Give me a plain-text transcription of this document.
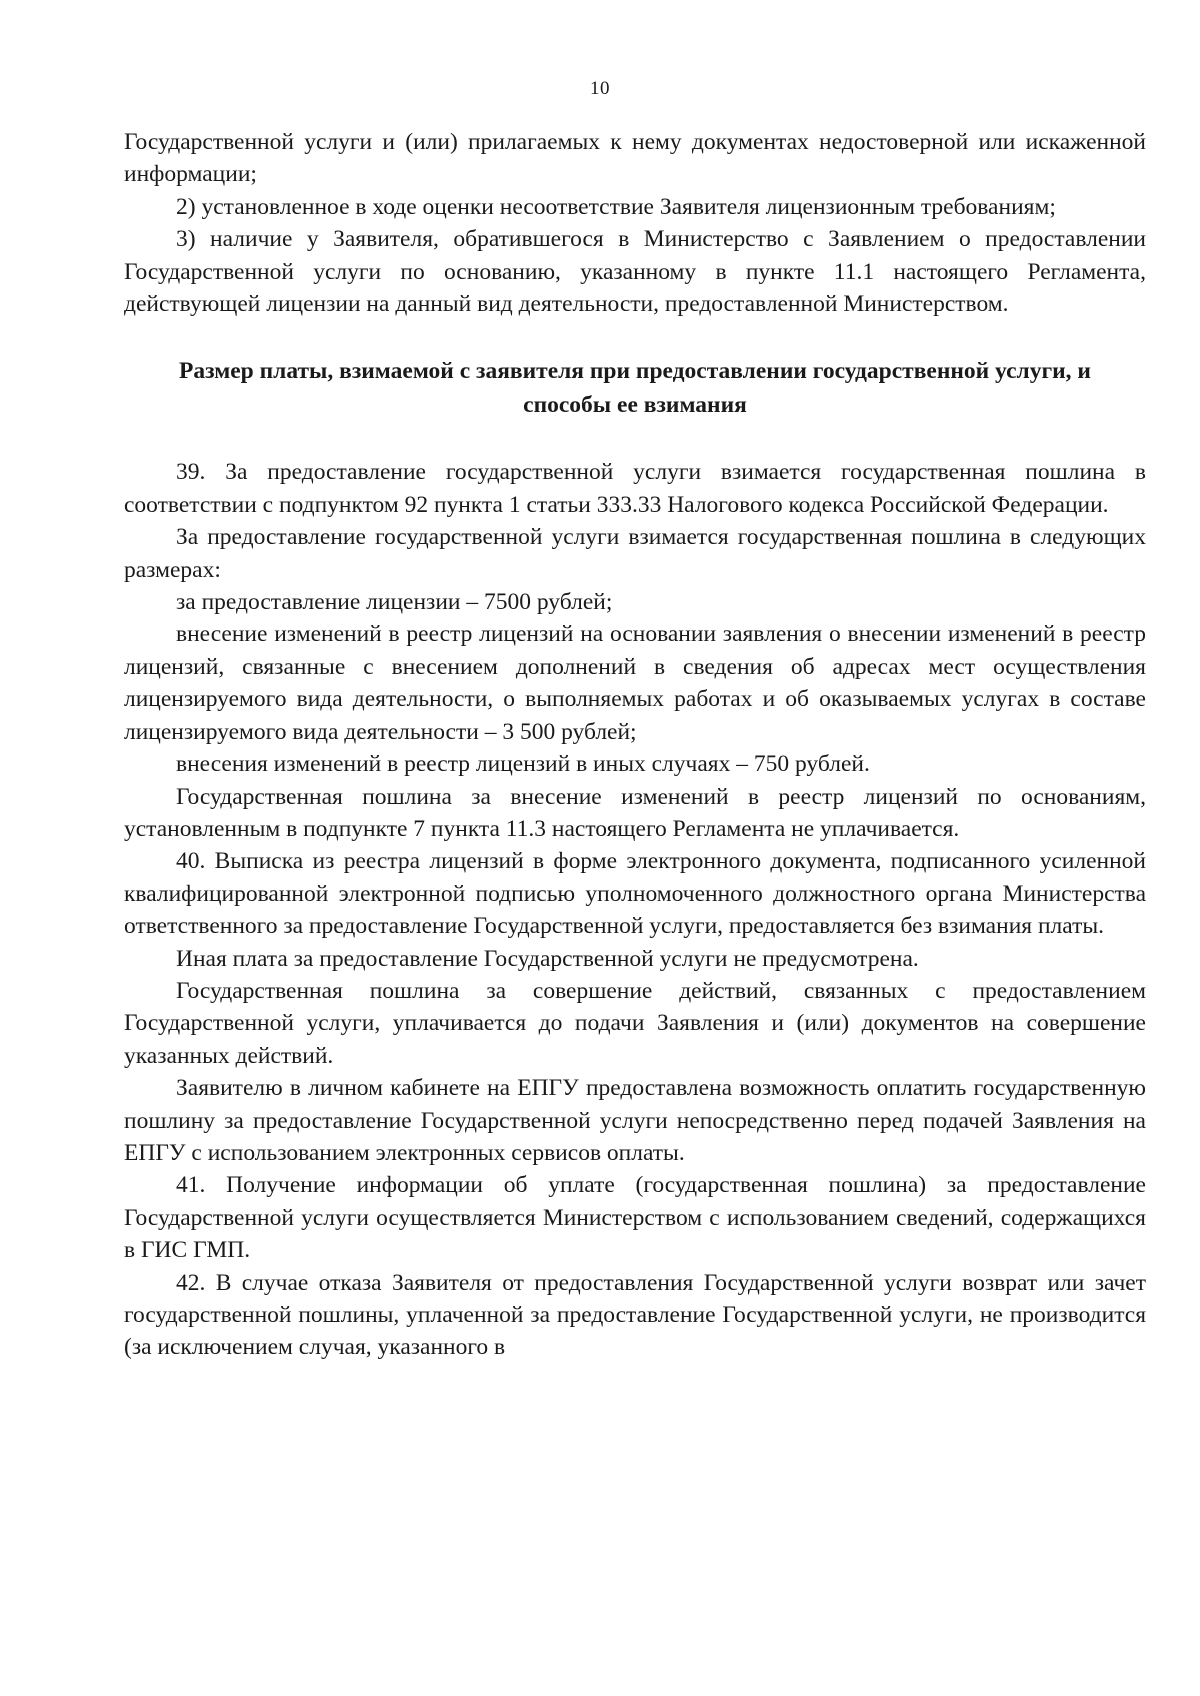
10

Государственной услуги и (или) прилагаемых к нему документах недостоверной или искаженной информации;

2) установленное в ходе оценки несоответствие Заявителя лицензионным требованиям;

3) наличие у Заявителя, обратившегося в Министерство с Заявлением о предоставлении Государственной услуги по основанию, указанному в пункте 11.1 настоящего Регламента, действующей лицензии на данный вид деятельности, предоставленной Министерством.

Размер платы, взимаемой с заявителя при предоставлении государственной услуги, и способы ее взимания

39. За предоставление государственной услуги взимается государственная пошлина в соответствии с подпунктом 92 пункта 1 статьи 333.33 Налогового кодекса Российской Федерации.

За предоставление государственной услуги взимается государственная пошлина в следующих размерах:

за предоставление лицензии – 7500 рублей;

внесение изменений в реестр лицензий на основании заявления о внесении изменений в реестр лицензий, связанные с внесением дополнений в сведения об адресах мест осуществления лицензируемого вида деятельности, о выполняемых работах и об оказываемых услугах в составе лицензируемого вида деятельности – 3 500 рублей;

внесения изменений в реестр лицензий в иных случаях – 750 рублей.

Государственная пошлина за внесение изменений в реестр лицензий по основаниям, установленным в подпункте 7 пункта 11.3 настоящего Регламента не уплачивается.

40. Выписка из реестра лицензий в форме электронного документа, подписанного усиленной квалифицированной электронной подписью уполномоченного должностного органа Министерства ответственного за предоставление Государственной услуги, предоставляется без взимания платы.

Иная плата за предоставление Государственной услуги не предусмотрена.

Государственная пошлина за совершение действий, связанных с предоставлением Государственной услуги, уплачивается до подачи Заявления и (или) документов на совершение указанных действий.

Заявителю в личном кабинете на ЕПГУ предоставлена возможность оплатить государственную пошлину за предоставление Государственной услуги непосредственно перед подачей Заявления на ЕПГУ с использованием электронных сервисов оплаты.

41. Получение информации об уплате (государственная пошлина) за предоставление Государственной услуги осуществляется Министерством с использованием сведений, содержащихся в ГИС ГМП.

42. В случае отказа Заявителя от предоставления Государственной услуги возврат или зачет государственной пошлины, уплаченной за предоставление Государственной услуги, не производится (за исключением случая, указанного в
